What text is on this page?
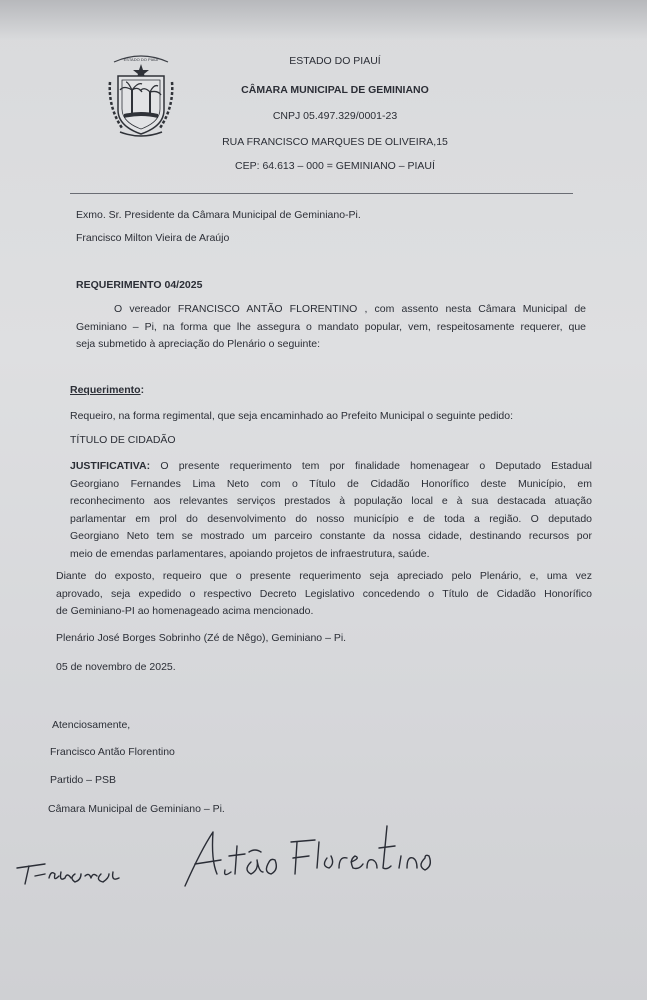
ESTADO DO PIAUÍ	ESTADO DO PIAUÍ
CÂMARA MUNICIPAL DE GEMINIANO
CNPJ 05.497.329/0001-23
RUA FRANCISCO MARQUES DE OLIVEIRA,15
CEP: 64.613 – 000 = GEMINIANO – PIAUÍ
Exmo. Sr. Presidente da Câmara Municipal de Geminiano-Pi.
Francisco Milton Vieira de Araújo
REQUERIMENTO 04/2025
O vereador FRANCISCO ANTÃO FLORENTINO , com assento nesta Câmara Municipal de
Geminiano – Pi, na forma que lhe assegura o mandato popular, vem, respeitosamente requerer, que
seja submetido à apreciação do Plenário o seguinte:
Requerimento:
Requeiro, na forma regimental, que seja encaminhado ao Prefeito Municipal o seguinte pedido:
TÍTULO DE CIDADÃO
JUSTIFICATIVA: O presente requerimento tem por finalidade homenagear o Deputado Estadual
Georgiano Fernandes Lima Neto com o Título de Cidadão Honorífico deste Município, em
reconhecimento aos relevantes serviços prestados à população local e à sua destacada atuação
parlamentar em prol do desenvolvimento do nosso município e de toda a região. O deputado
Georgiano Neto tem se mostrado um parceiro constante da nossa cidade, destinando recursos por
meio de emendas parlamentares, apoiando projetos de infraestrutura, saúde.
Diante do exposto, requeiro que o presente requerimento seja apreciado pelo Plenário, e, uma vez
aprovado, seja expedido o respectivo Decreto Legislativo concedendo o Título de Cidadão Honorífico
de Geminiano-PI ao homenageado acima mencionado.
Plenário José Borges Sobrinho (Zé de Nêgo), Geminiano – Pi.
05 de novembro de 2025.
Atenciosamente,
Francisco Antão Florentino
Partido – PSB
Câmara Municipal de Geminiano – Pi.
